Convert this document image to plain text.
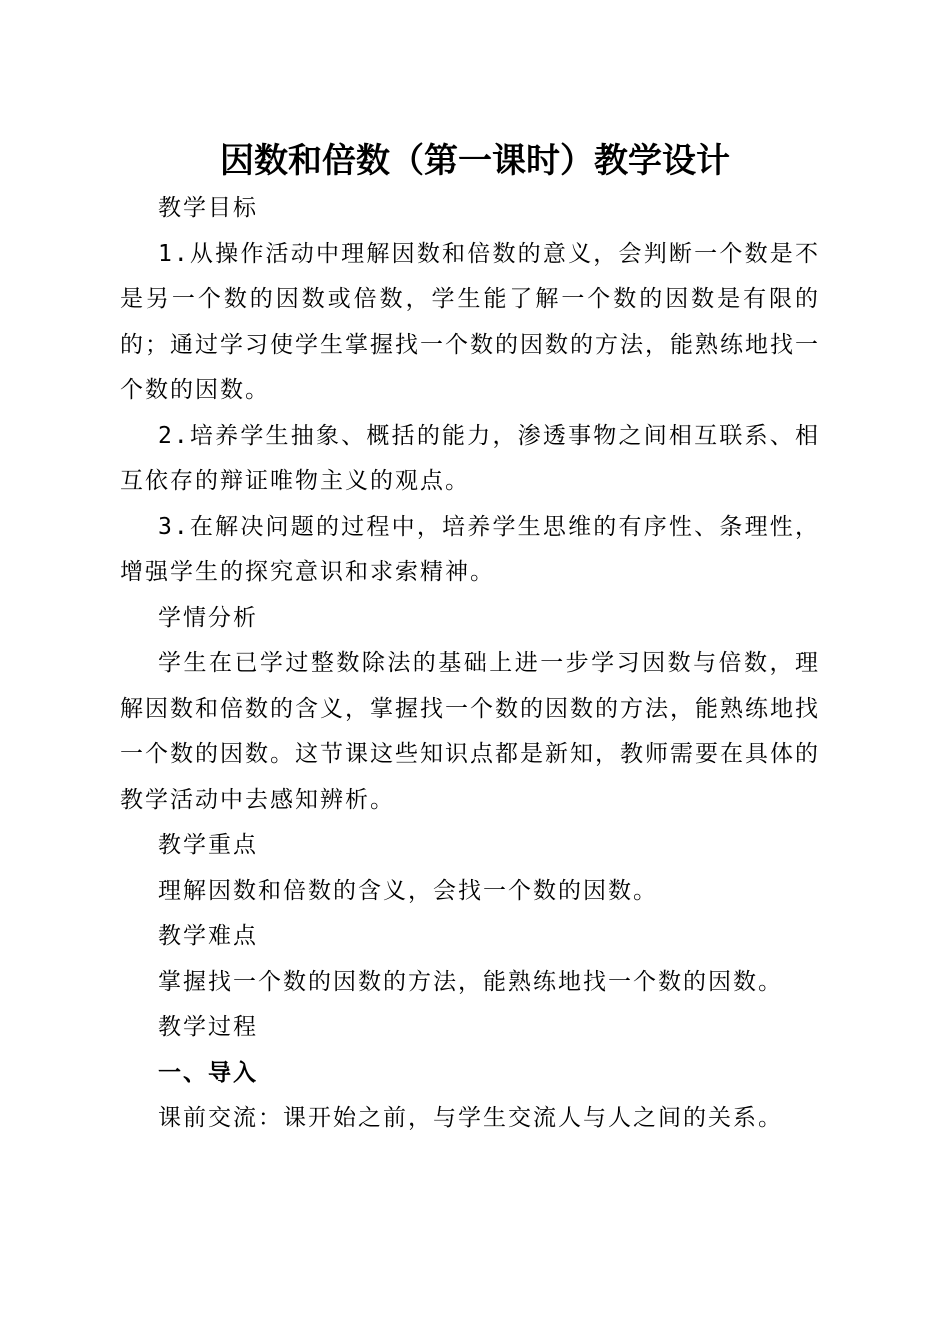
因数和倍数（第一课时）教学设计

教学目标

1.从操作活动中理解因数和倍数的意义，会判断一个数是不是另一个数的因数或倍数，学生能了解一个数的因数是有限的的；通过学习使学生掌握找一个数的因数的方法，能熟练地找一个数的因数。

2.培养学生抽象、概括的能力，渗透事物之间相互联系、相互依存的辩证唯物主义的观点。

3.在解决问题的过程中，培养学生思维的有序性、条理性，增强学生的探究意识和求索精神。

学情分析

学生在已学过整数除法的基础上进一步学习因数与倍数，理解因数和倍数的含义，掌握找一个数的因数的方法，能熟练地找一个数的因数。这节课这些知识点都是新知，教师需要在具体的教学活动中去感知辨析。

教学重点

理解因数和倍数的含义，会找一个数的因数。

教学难点

掌握找一个数的因数的方法，能熟练地找一个数的因数。

教学过程

一、导入

课前交流：课开始之前，与学生交流人与人之间的关系。
